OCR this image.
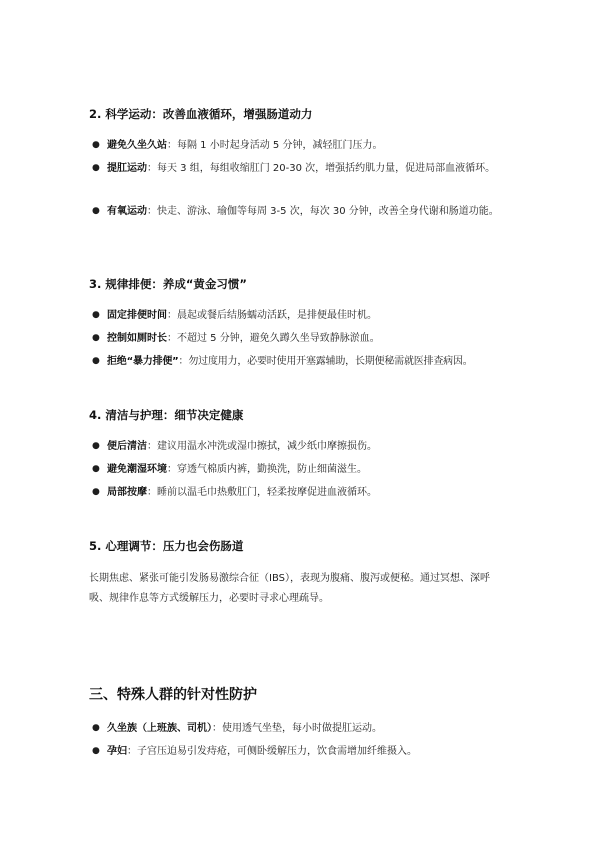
2. 科学运动：改善血液循环，增强肠道动力
● 避免久坐久站：每隔 1 小时起身活动 5 分钟，减轻肛门压力。
● 提肛运动：每天 3 组，每组收缩肛门 20-30 次，增强括约肌力量，促进局部血液循环。
● 有氧运动：快走、游泳、瑜伽等每周 3-5 次，每次 30 分钟，改善全身代谢和肠道功能。
3. 规律排便：养成“黄金习惯”
● 固定排便时间：晨起或餐后结肠蠕动活跃，是排便最佳时机。
● 控制如厕时长：不超过 5 分钟，避免久蹲久坐导致静脉淤血。
● 拒绝“暴力排便”：勿过度用力，必要时使用开塞露辅助，长期便秘需就医排查病因。
4. 清洁与护理：细节决定健康
● 便后清洁：建议用温水冲洗或湿巾擦拭，减少纸巾摩擦损伤。
● 避免潮湿环境：穿透气棉质内裤，勤换洗，防止细菌滋生。
● 局部按摩：睡前以温毛巾热敷肛门，轻柔按摩促进血液循环。
5. 心理调节：压力也会伤肠道
长期焦虑、紧张可能引发肠易激综合征（IBS），表现为腹痛、腹泻或便秘。通过冥想、深呼吸、规律作息等方式缓解压力，必要时寻求心理疏导。
三、特殊人群的针对性防护
● 久坐族（上班族、司机）：使用透气坐垫，每小时做提肛运动。
● 孕妇：子宫压迫易引发痔疮，可侧卧缓解压力，饮食需增加纤维摄入。
